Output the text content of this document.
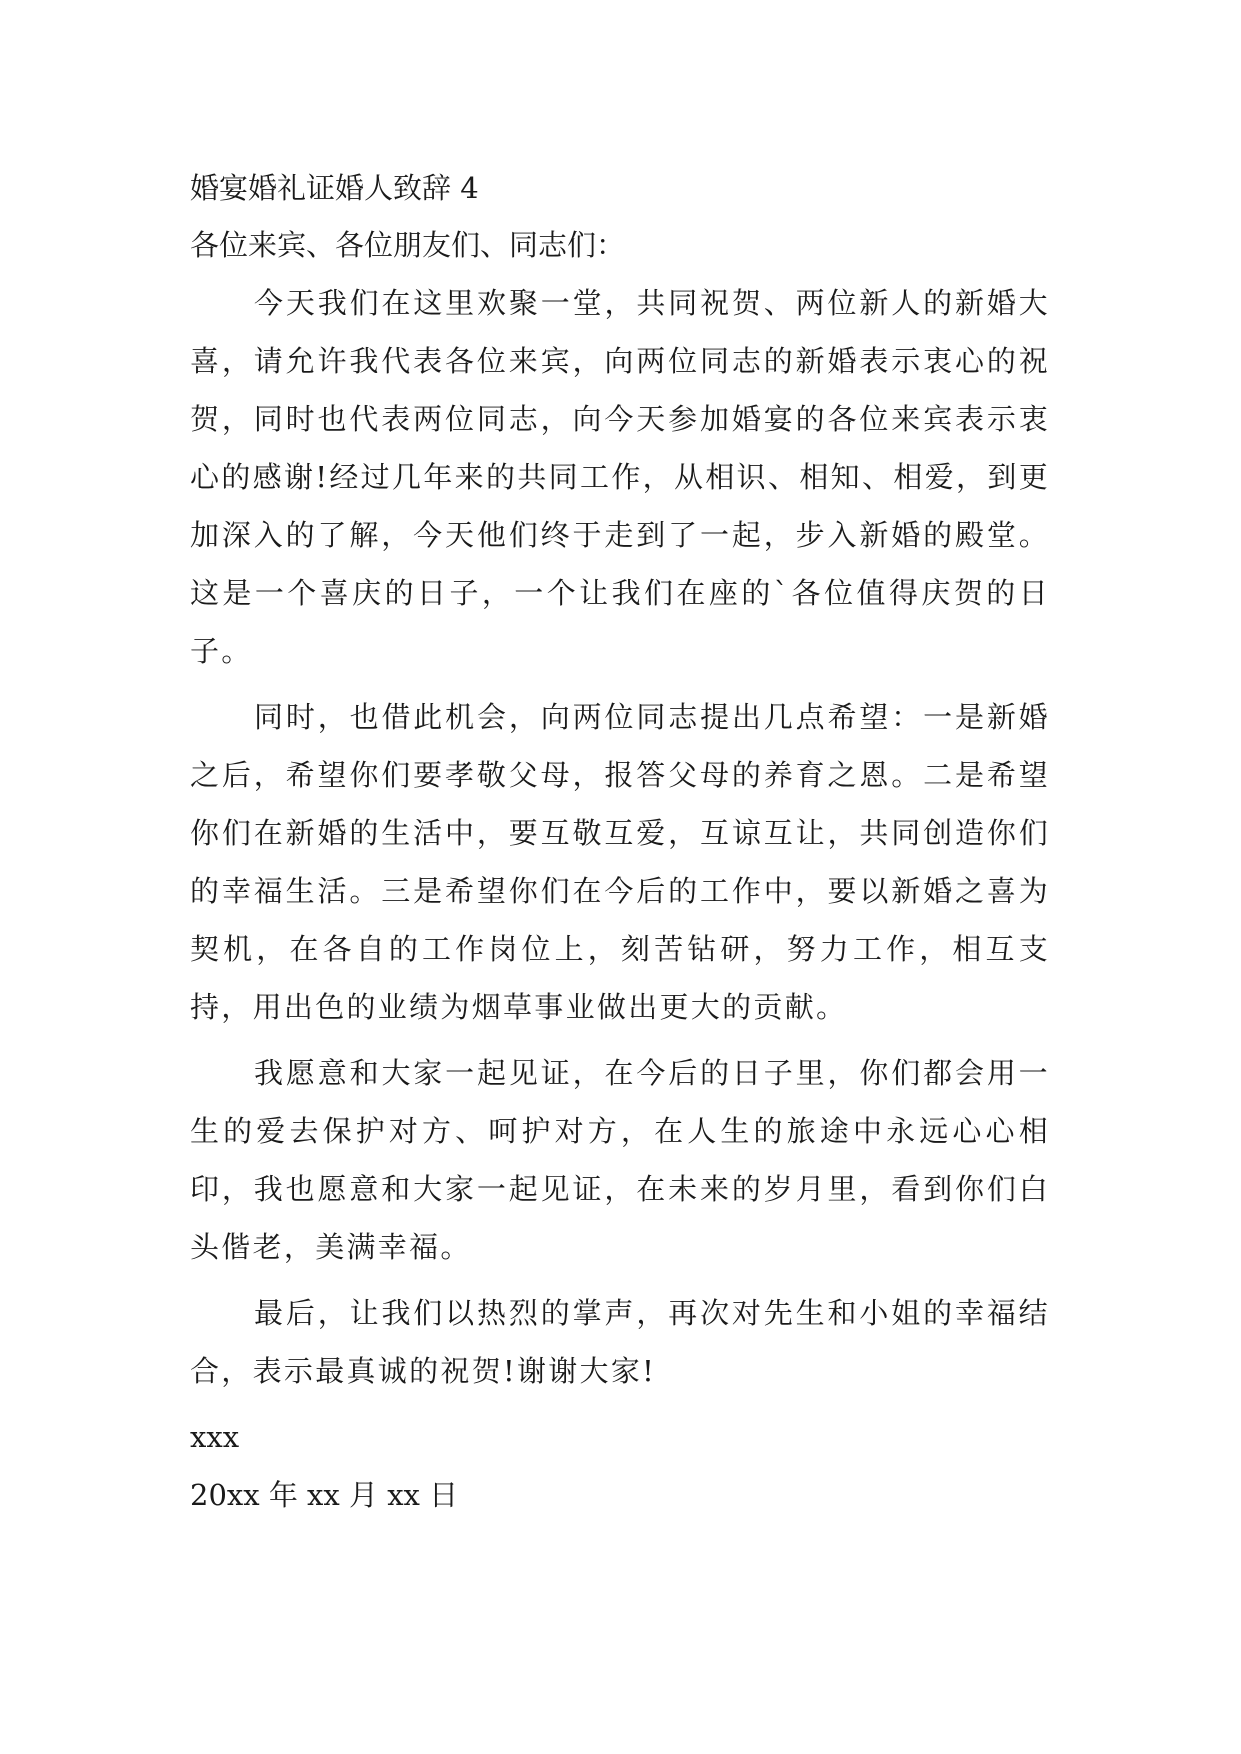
婚宴婚礼证婚人致辞 4

各位来宾、各位朋友们、同志们：

今天我们在这里欢聚一堂，共同祝贺、两位新人的新婚大喜，请允许我代表各位来宾，向两位同志的新婚表示衷心的祝贺，同时也代表两位同志，向今天参加婚宴的各位来宾表示衷心的感谢!经过几年来的共同工作，从相识、相知、相爱，到更加深入的了解，今天他们终于走到了一起，步入新婚的殿堂。这是一个喜庆的日子，一个让我们在座的`各位值得庆贺的日子。

同时，也借此机会，向两位同志提出几点希望：一是新婚之后，希望你们要孝敬父母，报答父母的养育之恩。二是希望你们在新婚的生活中，要互敬互爱，互谅互让，共同创造你们的幸福生活。三是希望你们在今后的工作中，要以新婚之喜为契机，在各自的工作岗位上，刻苦钻研，努力工作，相互支持，用出色的业绩为烟草事业做出更大的贡献。

我愿意和大家一起见证，在今后的日子里，你们都会用一生的爱去保护对方、呵护对方，在人生的旅途中永远心心相印，我也愿意和大家一起见证，在未来的岁月里，看到你们白头偕老，美满幸福。

最后，让我们以热烈的掌声，再次对先生和小姐的幸福结合，表示最真诚的祝贺!谢谢大家!

xxx

20xx 年 xx 月 xx 日
